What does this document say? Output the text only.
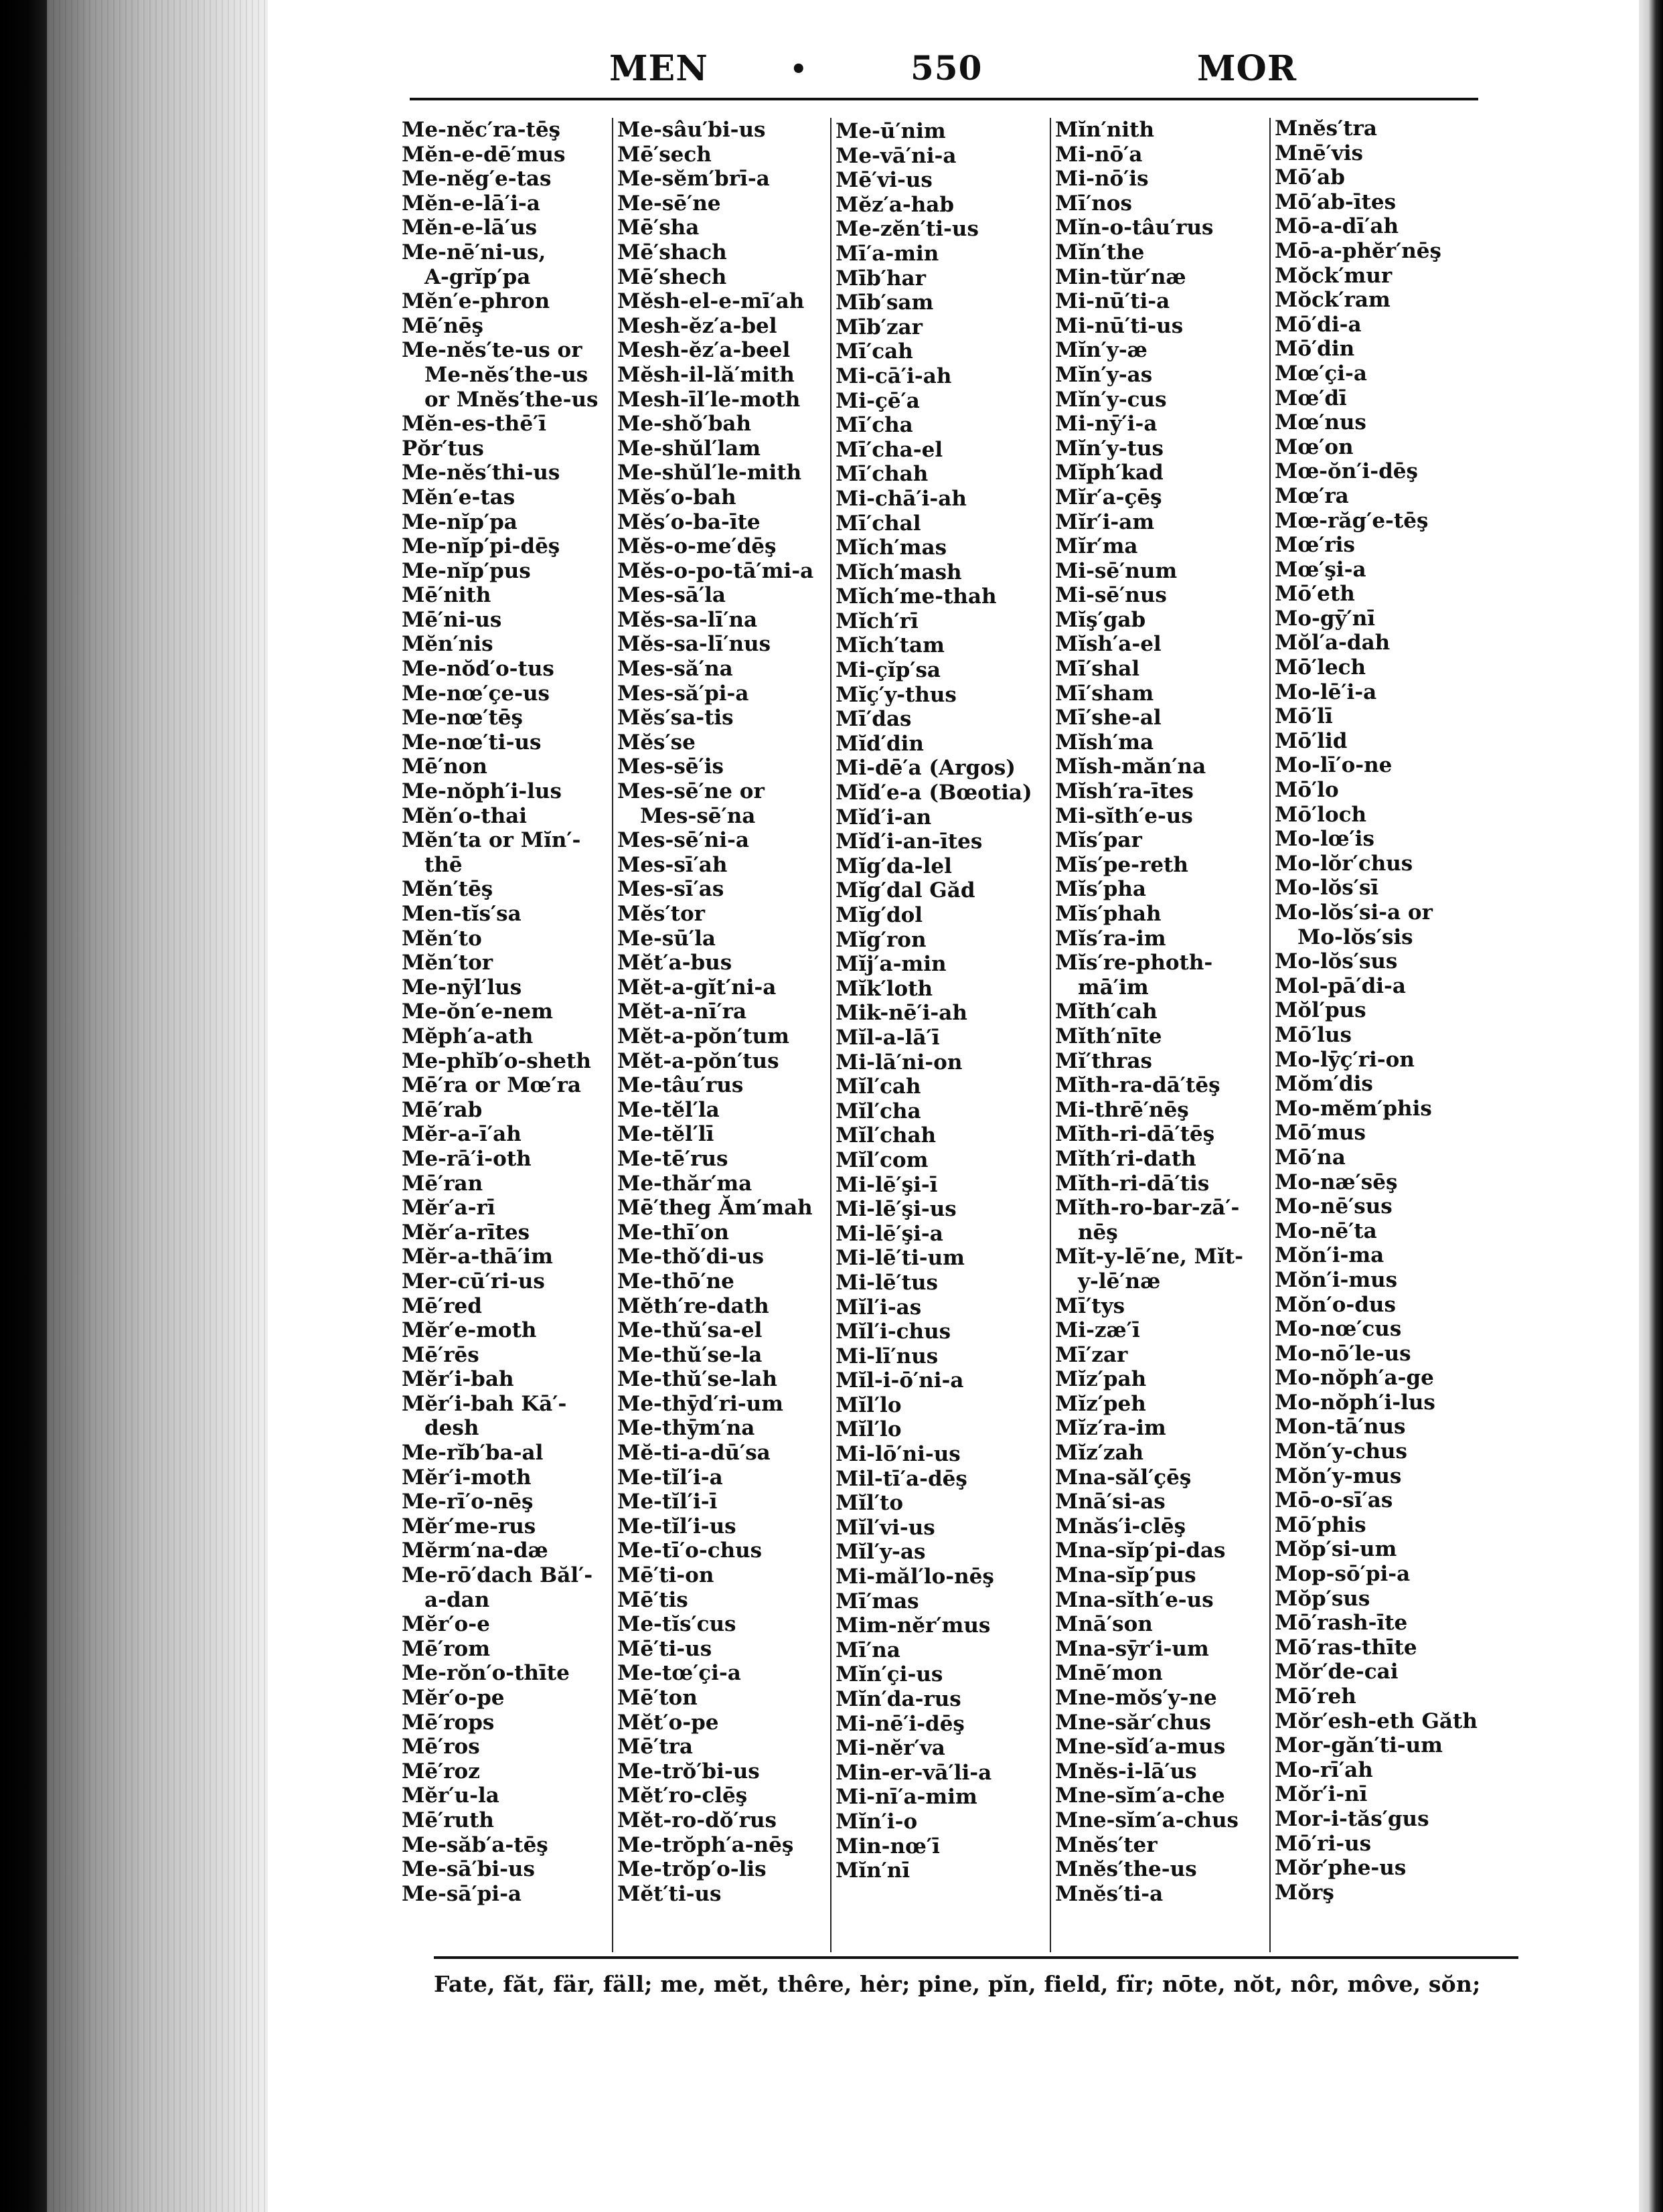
MEN	•	550	MOR
Me-nĕc′ra-tēş
Mĕn-e-dē′mus
Me-nĕg′e-tas
Mĕn-e-lā′i-a
Mĕn-e-lā′us
Me-nē′ni-us,
A-grĭp′pa
Mĕn′e-phron
Mē′nēş
Me-nĕs′te-us or
Me-nĕs′the-us
or Mnĕs′the-us
Mĕn-es-thē′ī
Pŏr′tus
Me-nĕs′thi-us
Mĕn′e-tas
Me-nĭp′pa
Me-nĭp′pi-dēş
Me-nĭp′pus
Mē′nith
Mē′ni-us
Mĕn′nis
Me-nŏd′o-tus
Me-nœ′çe-us
Me-nœ′tēş
Me-nœ′ti-us
Mē′non
Me-nŏph′i-lus
Mĕn′o-thai
Mĕn′ta or Mĭn′-
thē
Mĕn′tēş
Men-tĭs′sa
Mĕn′to
Mĕn′tor
Me-nȳl′lus
Me-ŏn′e-nem
Mĕph′a-ath
Me-phĭb′o-sheth
Mē′ra or Mœ′ra
Mē′rab
Mĕr-a-ī′ah
Me-rā′i-oth
Mē′ran
Mĕr′a-rī
Mĕr′a-rītes
Mĕr-a-thā′im
Mer-cū′ri-us
Mē′red
Mĕr′e-moth
Mē′rēs
Mĕr′i-bah
Mĕr′i-bah Kā′-
desh
Me-rĭb′ba-al
Mĕr′i-moth
Me-rī′o-nēş
Mĕr′me-rus
Mĕrm′na-dæ
Me-rō′dach Băl′-
a-dan
Mĕr′o-e
Mē′rom
Me-rŏn′o-thīte
Mĕr′o-pe
Mē′rops
Mē′ros
Mē′roz
Mĕr′u-la
Mē′ruth
Me-săb′a-tēş
Me-sā′bi-us
Me-sā′pi-a
Me-sâu′bi-us
Mē′sech
Me-sĕm′brī-a
Me-sē′ne
Mē′sha
Mē′shach
Mē′shech
Mĕsh-el-e-mī′ah
Mesh-ĕz′a-bel
Mesh-ĕz′a-beel
Mĕsh-il-lă′mith
Mesh-īl′le-moth
Me-shŏ′bah
Me-shŭl′lam
Me-shŭl′le-mith
Mĕs′o-bah
Mĕs′o-ba-īte
Mĕs-o-me′dēş
Mĕs-o-po-tā′mi-a
Mes-sā′la
Mĕs-sa-lī′na
Mĕs-sa-lī′nus
Mes-să′na
Mes-să′pi-a
Mĕs′sa-tis
Mĕs′se
Mes-sē′is
Mes-sē′ne or
Mes-sē′na
Mes-sē′ni-a
Mes-sī′ah
Mes-sī′as
Mĕs′tor
Me-sū′la
Mĕt′a-bus
Mĕt-a-gĭt′ni-a
Mĕt-a-nī′ra
Mĕt-a-pŏn′tum
Mĕt-a-pŏn′tus
Me-tâu′rus
Me-tĕl′la
Me-tĕl′lī
Me-tē′rus
Me-thăr′ma
Mē′theg Ăm′mah
Me-thī′on
Me-thŏ′di-us
Me-thō′ne
Mĕth′re-dath
Me-thŭ′sa-el
Me-thŭ′se-la
Me-thŭ′se-lah
Me-thȳd′ri-um
Me-thȳm′na
Mĕ-ti-a-dū′sa
Me-tĭl′i-a
Me-tĭl′i-ī
Me-tĭl′i-us
Me-tī′o-chus
Mē′ti-on
Mē′tis
Me-tĭs′cus
Mē′ti-us
Me-tœ′çi-a
Mē′ton
Mĕt′o-pe
Mē′tra
Me-trŏ′bi-us
Mĕt′ro-clēş
Mĕt-ro-dŏ′rus
Me-trŏph′a-nēş
Me-trŏp′o-lis
Mĕt′ti-us
Me-ū′nim
Me-vā′ni-a
Mē′vi-us
Mĕz′a-hab
Me-zĕn′ti-us
Mī′a-min
Mīb′har
Mīb′sam
Mīb′zar
Mī′cah
Mi-cā′i-ah
Mi-çē′a
Mī′cha
Mī′cha-el
Mī′chah
Mi-chā′i-ah
Mī′chal
Mĭch′mas
Mĭch′mash
Mĭch′me-thah
Mĭch′rī
Mĭch′tam
Mi-çĭp′sa
Mĭç′y-thus
Mī′das
Mĭd′din
Mi-dē′a (Argos)
Mĭd′e-a (Bœotia)
Mĭd′i-an
Mĭd′i-an-ītes
Mĭg′da-lel
Mĭg′dal Găd
Mĭg′dol
Mĭg′ron
Mĭj′a-min
Mĭk′loth
Mik-nē′i-ah
Mĭl-a-lā′ī
Mi-lā′ni-on
Mĭl′cah
Mĭl′cha
Mĭl′chah
Mĭl′com
Mi-lē′şi-ī
Mi-lē′şi-us
Mi-lē′şi-a
Mi-lē′ti-um
Mi-lē′tus
Mĭl′i-as
Mĭl′i-chus
Mi-lī′nus
Mĭl-i-ō′ni-a
Mĭl′lo
Mĭl′lo
Mi-lō′ni-us
Mil-tī′a-dēş
Mĭl′to
Mĭl′vi-us
Mĭl′y-as
Mi-măl′lo-nēş
Mī′mas
Mim-nĕr′mus
Mī′na
Mĭn′çi-us
Mĭn′da-rus
Mi-nē′i-dēş
Mi-nĕr′va
Min-er-vā′li-a
Mi-nī′a-mim
Mĭn′i-o
Min-nœ′ī
Mĭn′nī
Mĭn′nith
Mi-nō′a
Mi-nō′is
Mī′nos
Mĭn-o-tâu′rus
Mĭn′the
Min-tŭr′næ
Mi-nū′ti-a
Mi-nū′ti-us
Mĭn′y-æ
Mĭn′y-as
Mĭn′y-cus
Mi-nȳ′i-a
Mĭn′y-tus
Mĭph′kad
Mĭr′a-çēş
Mĭr′i-am
Mĭr′ma
Mi-sē′num
Mi-sē′nus
Mĭş′gab
Mĭsh′a-el
Mī′shal
Mī′sham
Mī′she-al
Mĭsh′ma
Mĭsh-măn′na
Mĭsh′ra-ītes
Mi-sĭth′e-us
Mĭs′par
Mĭs′pe-reth
Mĭs′pha
Mĭs′phah
Mĭs′ra-im
Mĭs′re-photh-
mā′im
Mĭth′cah
Mĭth′nīte
Mĭ′thras
Mĭth-ra-dā′tēş
Mi-thrē′nēş
Mĭth-ri-dā′tēş
Mĭth′ri-dath
Mĭth-ri-dā′tis
Mĭth-ro-bar-zā′-
nēş
Mĭt-y-lē′ne, Mĭt-
y-lē′næ
Mī′tys
Mi-zæ′ī
Mī′zar
Mĭz′pah
Mĭz′peh
Mĭz′ra-im
Mĭz′zah
Mna-săl′çēş
Mnā′si-as
Mnăs′i-clēş
Mna-sĭp′pi-das
Mna-sĭp′pus
Mna-sĭth′e-us
Mnā′son
Mna-sȳr′i-um
Mnē′mon
Mne-mŏs′y-ne
Mne-săr′chus
Mne-sĭd′a-mus
Mnĕs-i-lā′us
Mne-sĭm′a-che
Mne-sĭm′a-chus
Mnĕs′ter
Mnĕs′the-us
Mnĕs′ti-a
Mnĕs′tra
Mnē′vis
Mō′ab
Mō′ab-ītes
Mō-a-dī′ah
Mō-a-phĕr′nēş
Mŏck′mur
Mŏck′ram
Mō′di-a
Mō′din
Mœ′çi-a
Mœ′dī
Mœ′nus
Mœ′on
Mœ-ŏn′i-dēş
Mœ′ra
Mœ-răg′e-tēş
Mœ′ris
Mœ′şi-a
Mō′eth
Mo-gȳ′nī
Mŏl′a-dah
Mō′lech
Mo-lē′i-a
Mō′lī
Mō′lid
Mo-lī′o-ne
Mō′lo
Mō′loch
Mo-lœ′is
Mo-lŏr′chus
Mo-lŏs′sī
Mo-lŏs′si-a or
Mo-lŏs′sis
Mo-lŏs′sus
Mol-pā′di-a
Mŏl′pus
Mō′lus
Mo-lȳç′ri-on
Mŏm′dis
Mo-mĕm′phis
Mō′mus
Mō′na
Mo-næ′sēş
Mo-nē′sus
Mo-nē′ta
Mŏn′i-ma
Mŏn′i-mus
Mŏn′o-dus
Mo-nœ′cus
Mo-nō′le-us
Mo-nŏph′a-ge
Mo-nŏph′i-lus
Mon-tā′nus
Mŏn′y-chus
Mŏn′y-mus
Mō-o-sī′as
Mō′phis
Mŏp′si-um
Mop-sō′pi-a
Mŏp′sus
Mō′rash-īte
Mō′ras-thīte
Mŏr′de-cai
Mō′reh
Mŏr′esh-eth Găth
Mor-găn′ti-um
Mo-rī′ah
Mŏr′i-nī
Mor-i-tăs′gus
Mō′ri-us
Mŏr′phe-us
Mŏrş
Fate, făt, fär, fäll; me, mĕt, thêre, hėr; pine, pĭn, field, fïr; nōte, nŏt, nôr, môve, sŏn;
